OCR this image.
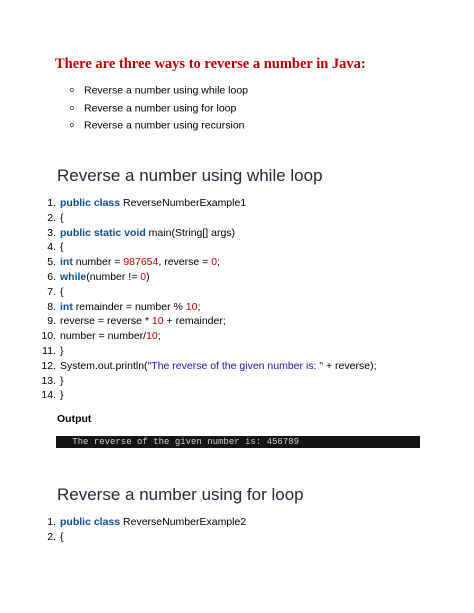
There are three ways to reverse a number in Java:
o Reverse a number using while loop
o Reverse a number using for loop
o Reverse a number using recursion
Reverse a number using while loop
1. public class ReverseNumberExample1
2. {
3. public static void main(String[] args)
4. {
5. int number = 987654, reverse = 0;
6. while(number != 0)
7. {
8. int remainder = number % 10;
9. reverse = reverse * 10 + remainder;
10. number = number/10;
11. }
12. System.out.println("The reverse of the given number is: " + reverse);
13. }
14. }
Output
The reverse of the given number is: 456789
Reverse a number using for loop
1. public class ReverseNumberExample2
2. {
